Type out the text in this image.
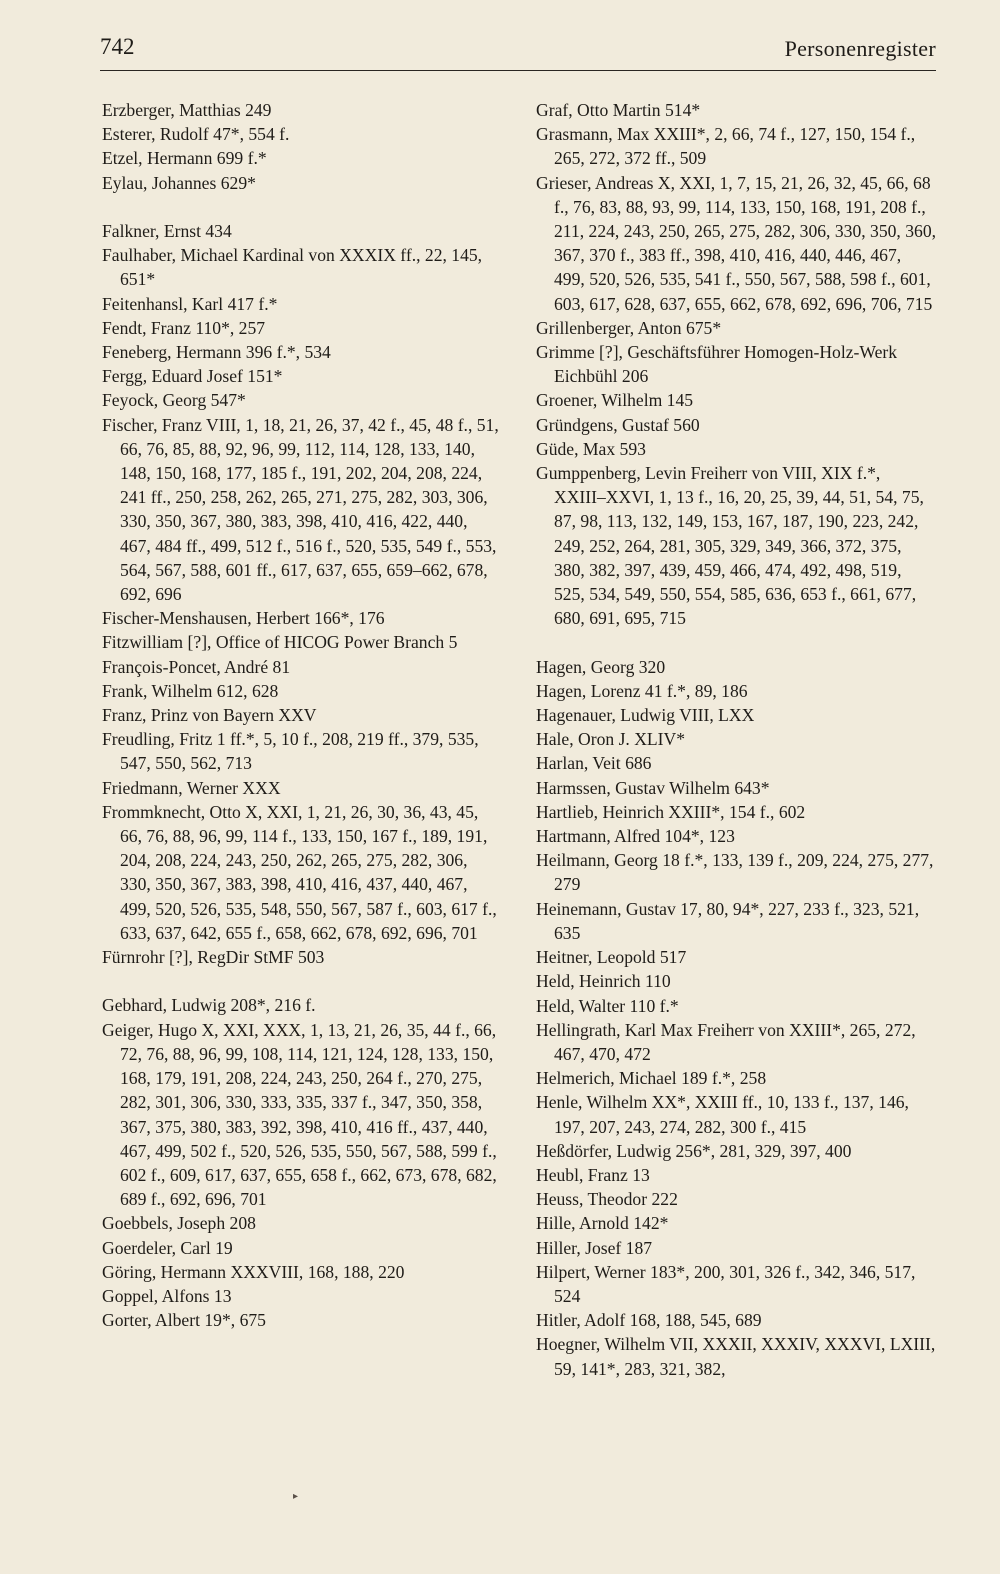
742	Personenregister

Erzberger, Matthias 249

Esterer, Rudolf 47*, 554 f.

Etzel, Hermann 699 f.*

Eylau, Johannes 629*

Falkner, Ernst 434

Faulhaber, Michael Kardinal von XXXIX ff., 22, 145, 651*

Feitenhansl, Karl 417 f.*

Fendt, Franz 110*, 257

Feneberg, Hermann 396 f.*, 534

Fergg, Eduard Josef 151*

Feyock, Georg 547*

Fischer, Franz VIII, 1, 18, 21, 26, 37, 42 f., 45, 48 f., 51, 66, 76, 85, 88, 92, 96, 99, 112, 114, 128, 133, 140, 148, 150, 168, 177, 185 f., 191, 202, 204, 208, 224, 241 ff., 250, 258, 262, 265, 271, 275, 282, 303, 306, 330, 350, 367, 380, 383, 398, 410, 416, 422, 440, 467, 484 ff., 499, 512 f., 516 f., 520, 535, 549 f., 553, 564, 567, 588, 601 ff., 617, 637, 655, 659–662, 678, 692, 696

Fischer-Menshausen, Herbert 166*, 176

Fitzwilliam [?], Office of HICOG Power Branch 5

François-Poncet, André 81

Frank, Wilhelm 612, 628

Franz, Prinz von Bayern XXV

Freudling, Fritz 1 ff.*, 5, 10 f., 208, 219 ff., 379, 535, 547, 550, 562, 713

Friedmann, Werner XXX

Frommknecht, Otto X, XXI, 1, 21, 26, 30, 36, 43, 45, 66, 76, 88, 96, 99, 114 f., 133, 150, 167 f., 189, 191, 204, 208, 224, 243, 250, 262, 265, 275, 282, 306, 330, 350, 367, 383, 398, 410, 416, 437, 440, 467, 499, 520, 526, 535, 548, 550, 567, 587 f., 603, 617 f., 633, 637, 642, 655 f., 658, 662, 678, 692, 696, 701

Fürnrohr [?], RegDir StMF 503

Gebhard, Ludwig 208*, 216 f.

Geiger, Hugo X, XXI, XXX, 1, 13, 21, 26, 35, 44 f., 66, 72, 76, 88, 96, 99, 108, 114, 121, 124, 128, 133, 150, 168, 179, 191, 208, 224, 243, 250, 264 f., 270, 275, 282, 301, 306, 330, 333, 335, 337 f., 347, 350, 358, 367, 375, 380, 383, 392, 398, 410, 416 ff., 437, 440, 467, 499, 502 f., 520, 526, 535, 550, 567, 588, 599 f., 602 f., 609, 617, 637, 655, 658 f., 662, 673, 678, 682, 689 f., 692, 696, 701

Goebbels, Joseph 208

Goerdeler, Carl 19

Göring, Hermann XXXVIII, 168, 188, 220

Goppel, Alfons 13

Gorter, Albert 19*, 675

Graf, Otto Martin 514*

Grasmann, Max XXIII*, 2, 66, 74 f., 127, 150, 154 f., 265, 272, 372 ff., 509

Grieser, Andreas X, XXI, 1, 7, 15, 21, 26, 32, 45, 66, 68 f., 76, 83, 88, 93, 99, 114, 133, 150, 168, 191, 208 f., 211, 224, 243, 250, 265, 275, 282, 306, 330, 350, 360, 367, 370 f., 383 ff., 398, 410, 416, 440, 446, 467, 499, 520, 526, 535, 541 f., 550, 567, 588, 598 f., 601, 603, 617, 628, 637, 655, 662, 678, 692, 696, 706, 715

Grillenberger, Anton 675*

Grimme [?], Geschäftsführer Homogen-Holz-Werk Eichbühl 206

Groener, Wilhelm 145

Gründgens, Gustaf 560

Güde, Max 593

Gumppenberg, Levin Freiherr von VIII, XIX f.*, XXIII–XXVI, 1, 13 f., 16, 20, 25, 39, 44, 51, 54, 75, 87, 98, 113, 132, 149, 153, 167, 187, 190, 223, 242, 249, 252, 264, 281, 305, 329, 349, 366, 372, 375, 380, 382, 397, 439, 459, 466, 474, 492, 498, 519, 525, 534, 549, 550, 554, 585, 636, 653 f., 661, 677, 680, 691, 695, 715

Hagen, Georg 320

Hagen, Lorenz 41 f.*, 89, 186

Hagenauer, Ludwig VIII, LXX

Hale, Oron J. XLIV*

Harlan, Veit 686

Harmssen, Gustav Wilhelm 643*

Hartlieb, Heinrich XXIII*, 154 f., 602

Hartmann, Alfred 104*, 123

Heilmann, Georg 18 f.*, 133, 139 f., 209, 224, 275, 277, 279

Heinemann, Gustav 17, 80, 94*, 227, 233 f., 323, 521, 635

Heitner, Leopold 517

Held, Heinrich 110

Held, Walter 110 f.*

Hellingrath, Karl Max Freiherr von XXIII*, 265, 272, 467, 470, 472

Helmerich, Michael 189 f.*, 258

Henle, Wilhelm XX*, XXIII ff., 10, 133 f., 137, 146, 197, 207, 243, 274, 282, 300 f., 415

Heßdörfer, Ludwig 256*, 281, 329, 397, 400

Heubl, Franz 13

Heuss, Theodor 222

Hille, Arnold 142*

Hiller, Josef 187

Hilpert, Werner 183*, 200, 301, 326 f., 342, 346, 517, 524

Hitler, Adolf 168, 188, 545, 689

Hoegner, Wilhelm VII, XXXII, XXXIV, XXXVI, LXIII, 59, 141*, 283, 321, 382,

▸
